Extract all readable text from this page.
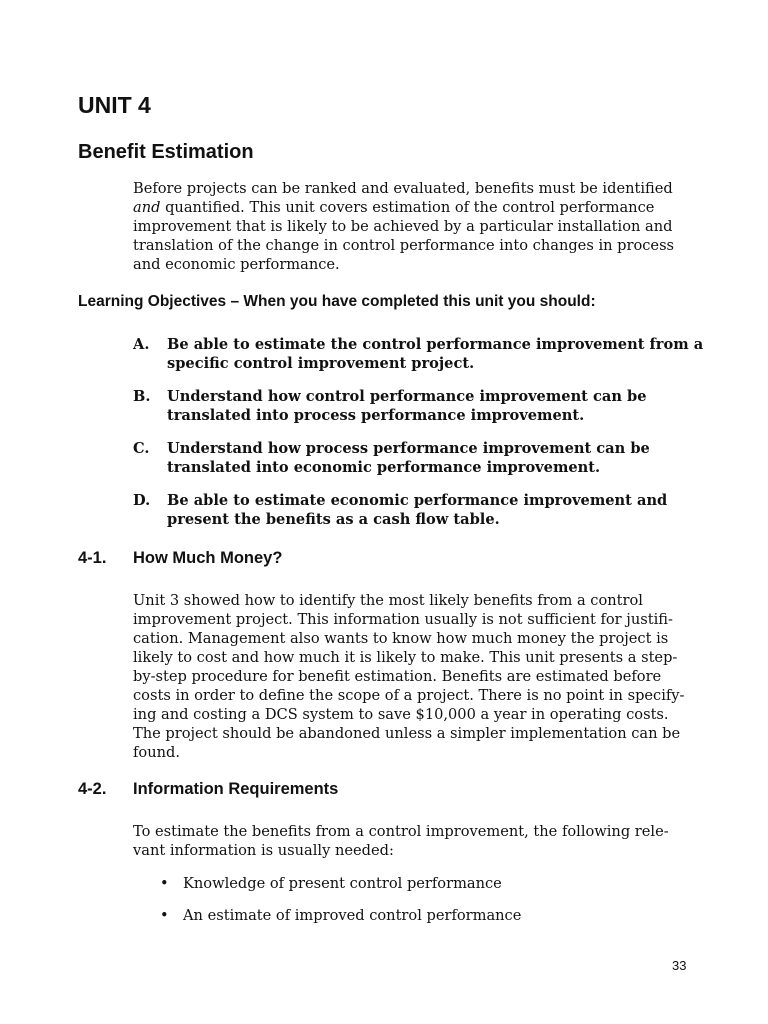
UNIT 4
Benefit Estimation
Before projects can be ranked and evaluated, benefits must be identified
and quantified. This unit covers estimation of the control performance
improvement that is likely to be achieved by a particular installation and
translation of the change in control performance into changes in process
and economic performance.
Learning Objectives – When you have completed this unit you should:
A. Be able to estimate the control performance improvement from a
specific control improvement project.
B. Understand how control performance improvement can be
translated into process performance improvement.
C. Understand how process performance improvement can be
translated into economic performance improvement.
D. Be able to estimate economic performance improvement and
present the benefits as a cash flow table.
4-1. How Much Money?
Unit 3 showed how to identify the most likely benefits from a control
improvement project. This information usually is not sufficient for justifi-
cation. Management also wants to know how much money the project is
likely to cost and how much it is likely to make. This unit presents a step-
by-step procedure for benefit estimation. Benefits are estimated before
costs in order to define the scope of a project. There is no point in specify-
ing and costing a DCS system to save $10,000 a year in operating costs.
The project should be abandoned unless a simpler implementation can be
found.
4-2. Information Requirements
To estimate the benefits from a control improvement, the following rele-
vant information is usually needed:
• Knowledge of present control performance
• An estimate of improved control performance
33
